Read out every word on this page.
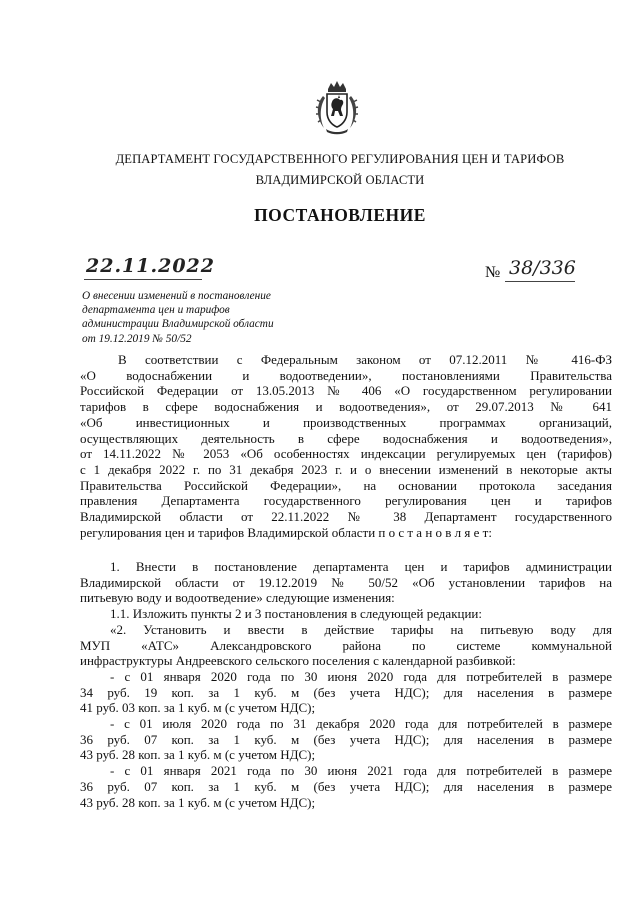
ДЕПАРТАМЕНТ ГОСУДАРСТВЕННОГО РЕГУЛИРОВАНИЯ ЦЕН И ТАРИФОВ
ВЛАДИМИРСКОЙ ОБЛАСТИ
ПОСТАНОВЛЕНИЕ
22.11.2022	№ 38/336
О внесении изменений в постановление
департамента цен и тарифов
администрации Владимирской области
от 19.12.2019 № 50/52
В соответствии с Федеральным законом от 07.12.2011 № 416-ФЗ
«О водоснабжении и водоотведении», постановлениями Правительства
Российской Федерации от 13.05.2013 № 406 «О государственном регулировании
тарифов в сфере водоснабжения и водоотведения», от 29.07.2013 № 641
«Об инвестиционных и производственных программах организаций,
осуществляющих деятельность в сфере водоснабжения и водоотведения»,
от 14.11.2022 № 2053 «Об особенностях индексации регулируемых цен (тарифов)
с 1 декабря 2022 г. по 31 декабря 2023 г. и о внесении изменений в некоторые акты
Правительства Российской Федерации», на основании протокола заседания
правления Департамента государственного регулирования цен и тарифов
Владимирской области от 22.11.2022 № 38 Департамент государственного
регулирования цен и тарифов Владимирской области п о с т а н о в л я е т:
1. Внести в постановление департамента цен и тарифов администрации
Владимирской области от 19.12.2019 № 50/52 «Об установлении тарифов на
питьевую воду и водоотведение» следующие изменения:
1.1. Изложить пункты 2 и 3 постановления в следующей редакции:
«2. Установить и ввести в действие тарифы на питьевую воду для
МУП «АТС» Александровского района по системе коммунальной
инфраструктуры Андреевского сельского поселения с календарной разбивкой:
- с 01 января 2020 года по 30 июня 2020 года для потребителей в размере
34 руб. 19 коп. за 1 куб. м (без учета НДС); для населения в размере
41 руб. 03 коп. за 1 куб. м (с учетом НДС);
- с 01 июля 2020 года по 31 декабря 2020 года для потребителей в размере
36 руб. 07 коп. за 1 куб. м (без учета НДС); для населения в размере
43 руб. 28 коп. за 1 куб. м (с учетом НДС);
- с 01 января 2021 года по 30 июня 2021 года для потребителей в размере
36 руб. 07 коп. за 1 куб. м (без учета НДС); для населения в размере
43 руб. 28 коп. за 1 куб. м (с учетом НДС);
